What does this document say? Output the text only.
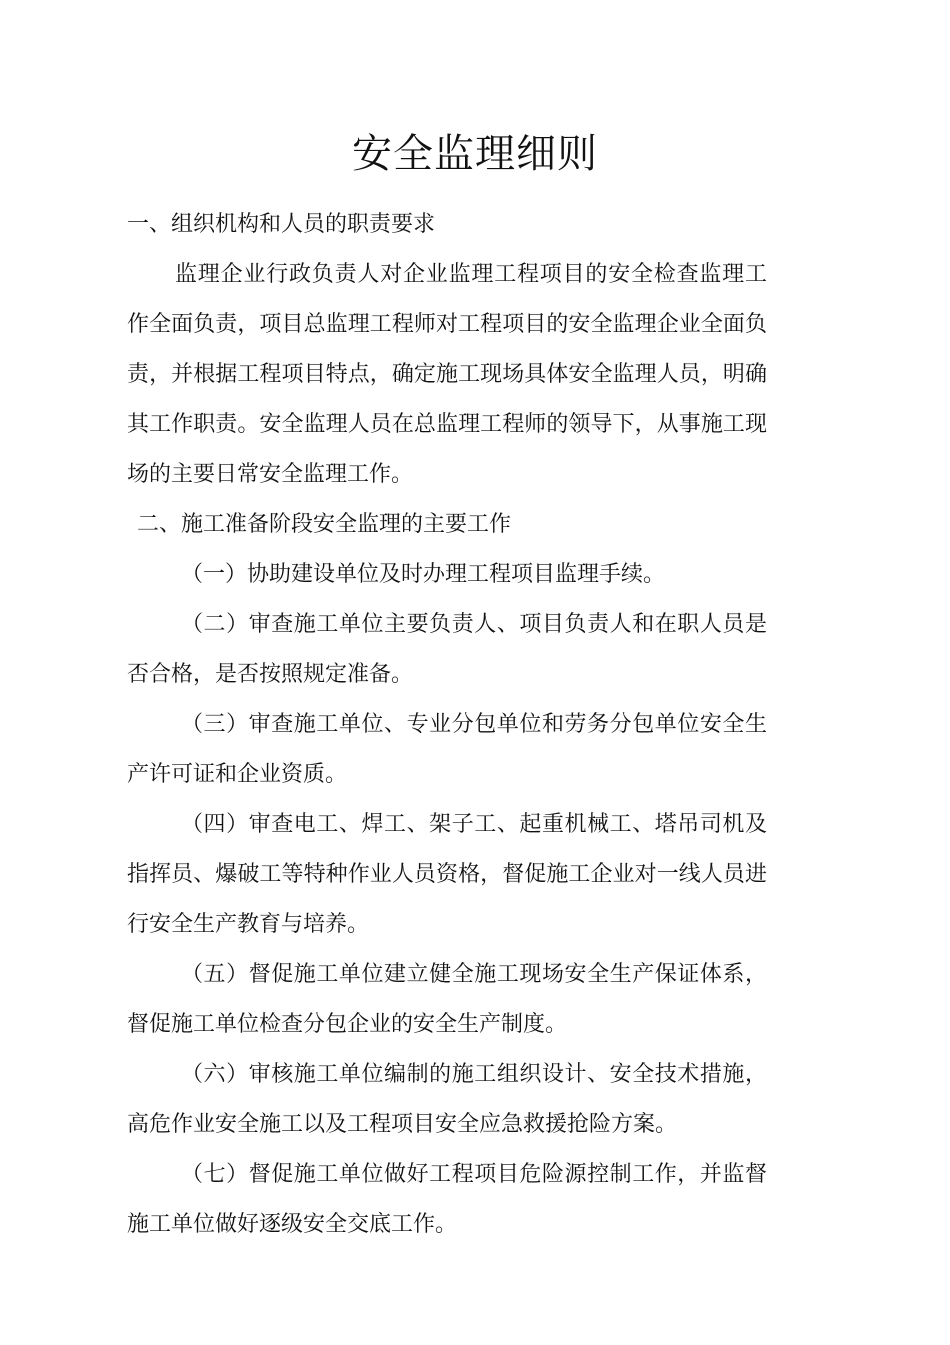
安全监理细则

一、组织机构和人员的职责要求

监理企业行政负责人对企业监理工程项目的安全检查监理工作全面负责，项目总监理工程师对工程项目的安全监理企业全面负责，并根据工程项目特点，确定施工现场具体安全监理人员，明确其工作职责。安全监理人员在总监理工程师的领导下，从事施工现场的主要日常安全监理工作。

二、施工准备阶段安全监理的主要工作

（一）协助建设单位及时办理工程项目监理手续。

（二）审查施工单位主要负责人、项目负责人和在职人员是否合格，是否按照规定准备。

（三）审查施工单位、专业分包单位和劳务分包单位安全生产许可证和企业资质。

（四）审查电工、焊工、架子工、起重机械工、塔吊司机及指挥员、爆破工等特种作业人员资格，督促施工企业对一线人员进行安全生产教育与培养。

（五）督促施工单位建立健全施工现场安全生产保证体系，督促施工单位检查分包企业的安全生产制度。

（六）审核施工单位编制的施工组织设计、安全技术措施，高危作业安全施工以及工程项目安全应急救援抢险方案。

（七）督促施工单位做好工程项目危险源控制工作，并监督施工单位做好逐级安全交底工作。
